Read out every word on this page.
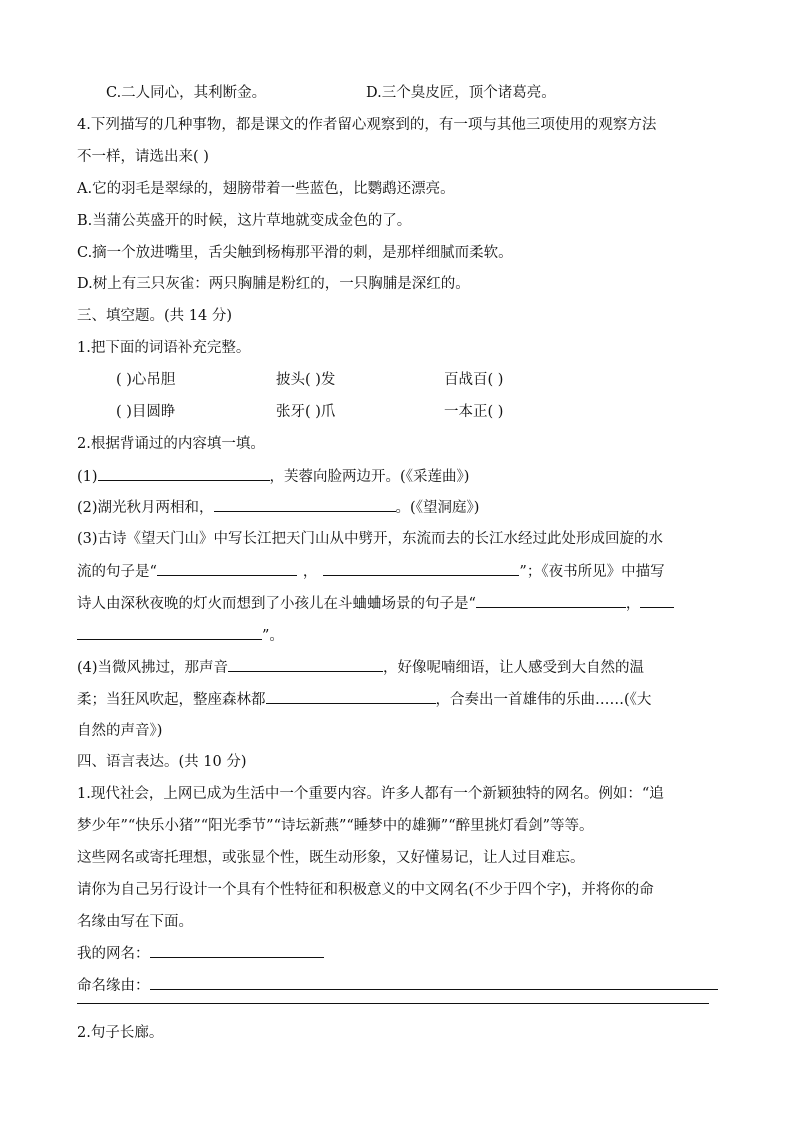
C.二人同心，其利断金。	D.三个臭皮匠，顶个诸葛亮。
4.下列描写的几种事物，都是课文的作者留心观察到的，有一项与其他三项使用的观察方法
不一样，请选出来( )
A.它的羽毛是翠绿的，翅膀带着一些蓝色，比鹦鹉还漂亮。
B.当蒲公英盛开的时候，这片草地就变成金色的了。
C.摘一个放进嘴里，舌尖触到杨梅那平滑的刺，是那样细腻而柔软。
D.树上有三只灰雀：两只胸脯是粉红的，一只胸脯是深红的。
三、填空题。(共 14 分)
1.把下面的词语补充完整。
( )心吊胆	披头( )发	百战百( )
( )目圆睁	张牙( )爪	一本正( )
2.根据背诵过的内容填一填。
(1)	，芙蓉向脸两边开。(《采莲曲》)
(2)湖光秋月两相和，	。(《望洞庭》)
(3)古诗《望天门山》中写长江把天门山从中劈开，东流而去的长江水经过此处形成回旋的水
流的句子是“	，	”；《夜书所见》中描写
诗人由深秋夜晚的灯火而想到了小孩儿在斗蛐蛐场景的句子是“	，
”。
(4)当微风拂过，那声音	，好像呢喃细语，让人感受到大自然的温
柔；当狂风吹起，整座森林都	，合奏出一首雄伟的乐曲……(《大
自然的声音》)
四、语言表达。(共 10 分)
1.现代社会，上网已成为生活中一个重要内容。许多人都有一个新颖独特的网名。例如：“追
梦少年”“快乐小猪”“阳光季节”“诗坛新燕”“睡梦中的雄狮”“醉里挑灯看剑”等等。
这些网名或寄托理想，或张显个性，既生动形象，又好懂易记，让人过目难忘。
请你为自己另行设计一个具有个性特征和积极意义的中文网名(不少于四个字)，并将你的命
名缘由写在下面。
我的网名：
命名缘由：
2.句子长廊。
